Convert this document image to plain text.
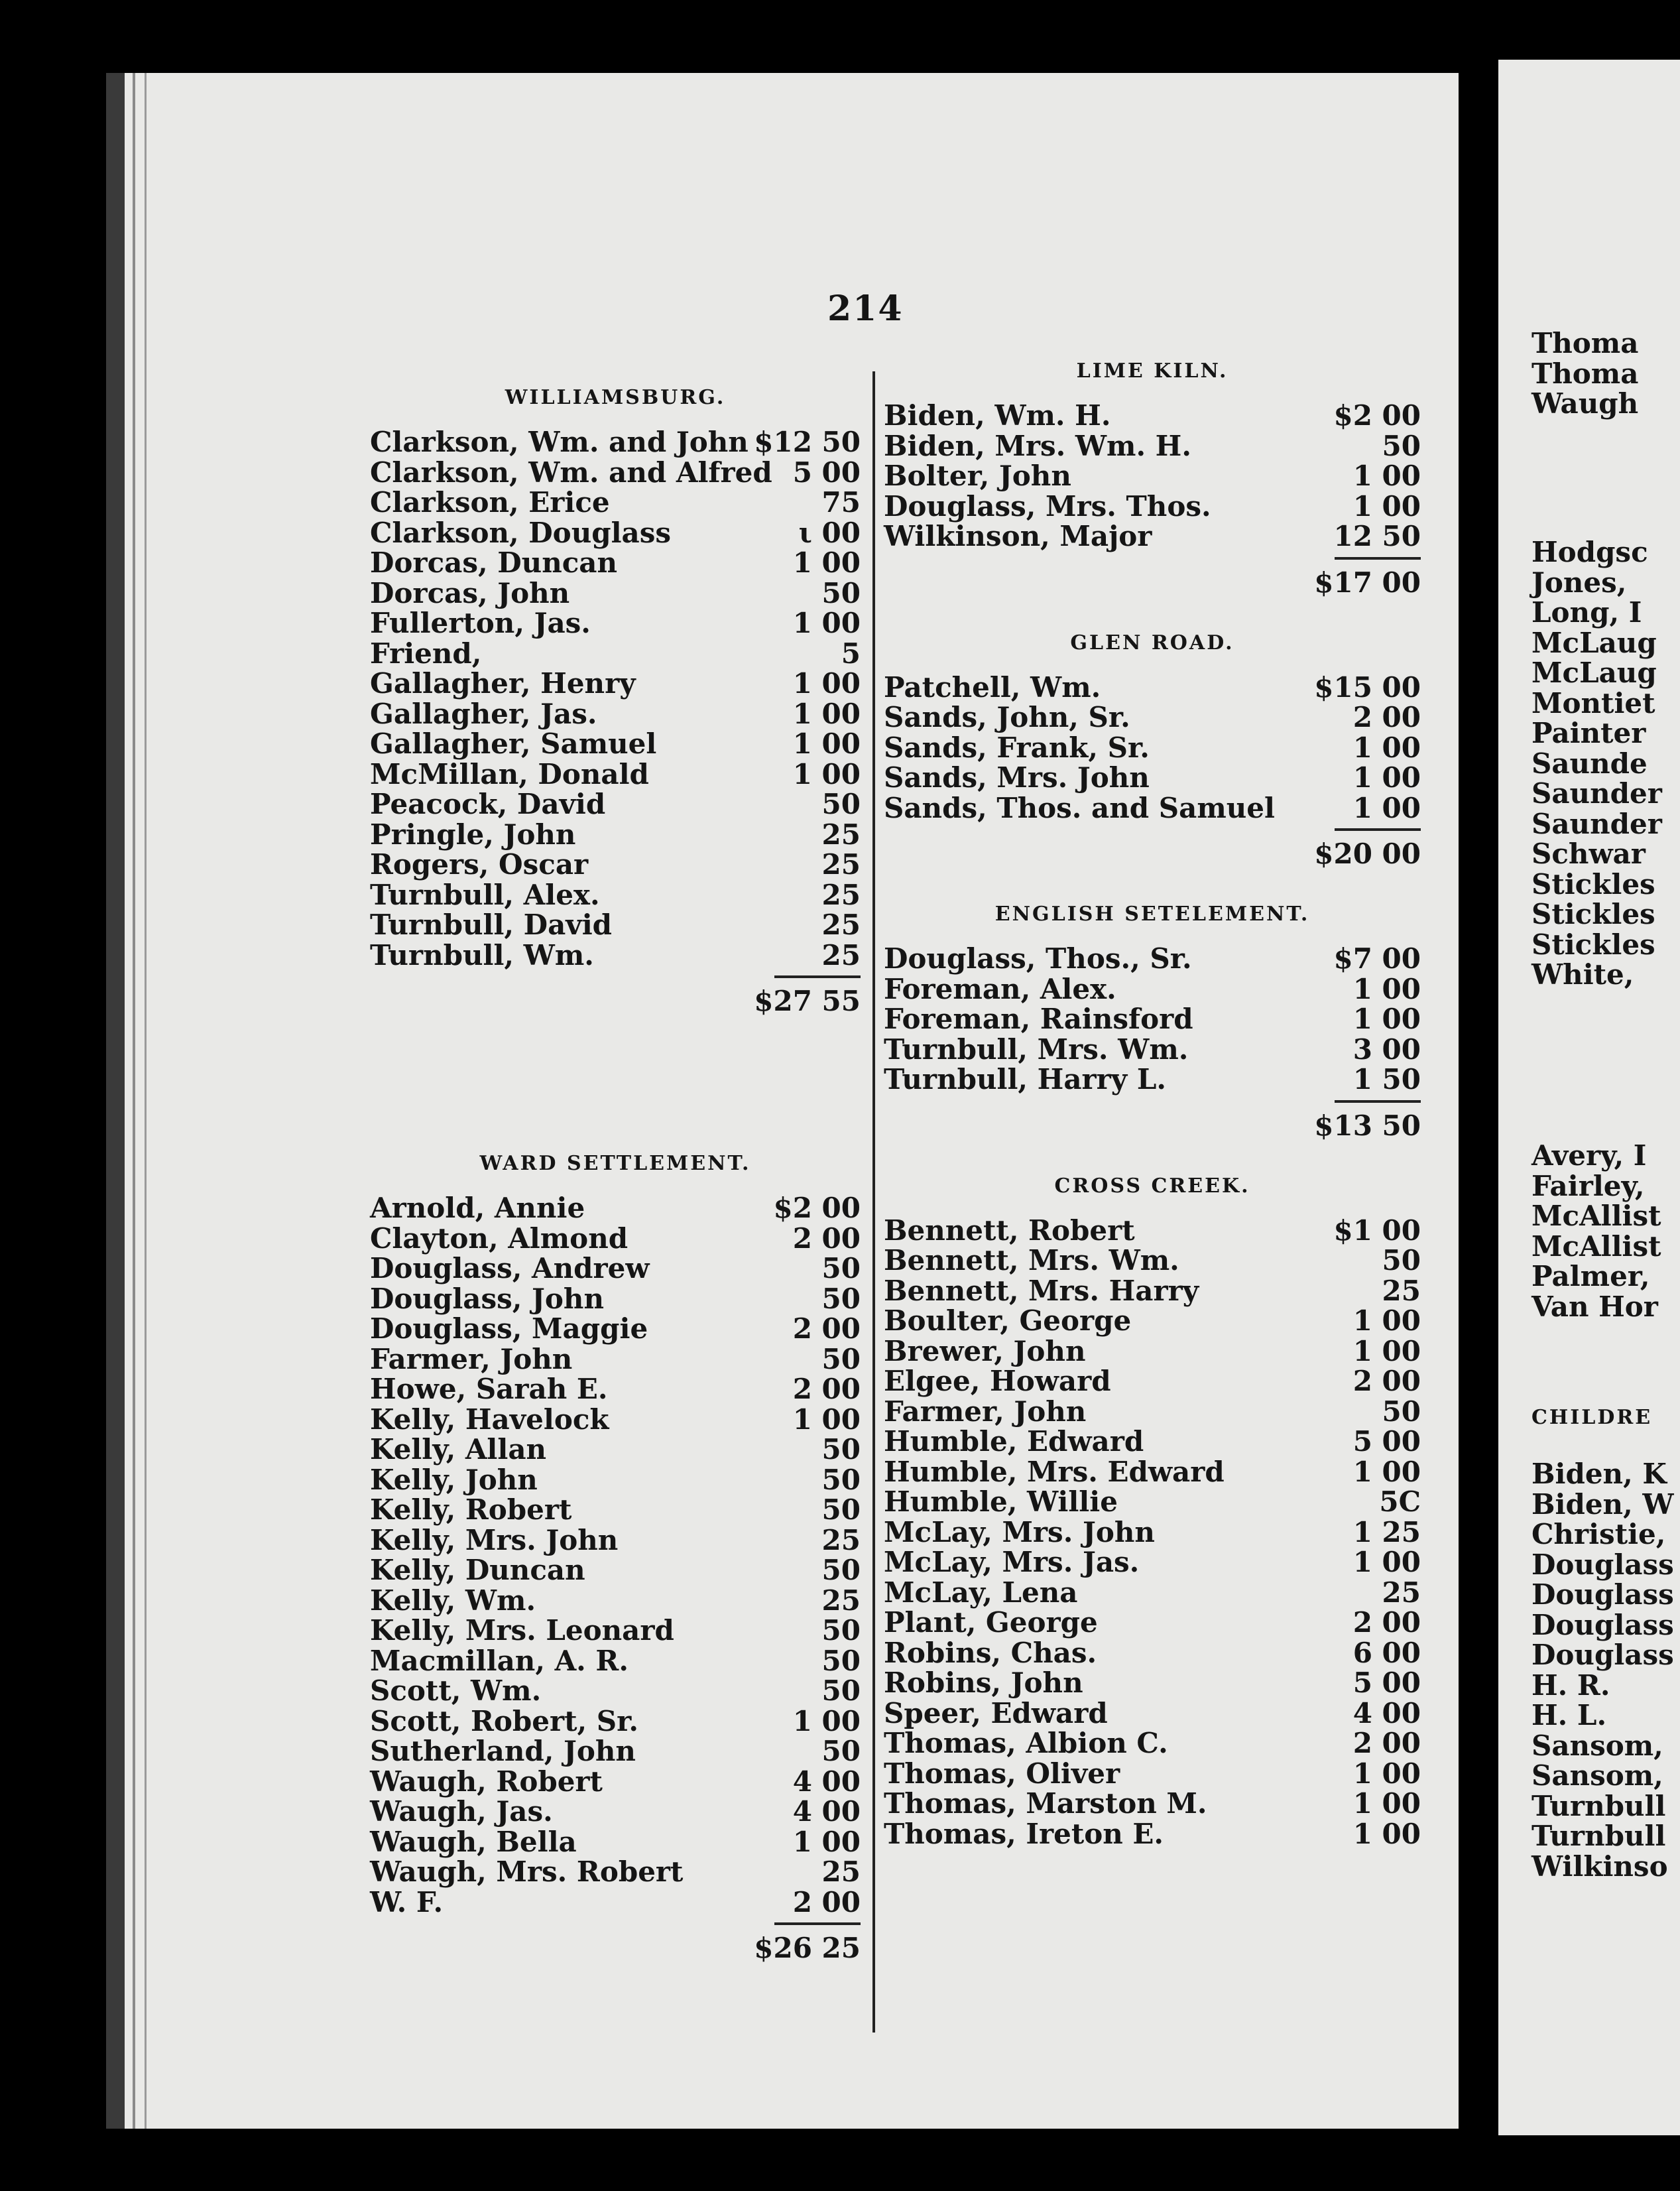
214
WILLIAMSBURG.
Clarkson, Wm. and John $12 50
Clarkson, Wm. and Alfred 5 00
Clarkson, Erice	75
Clarkson, Douglass	ι 00
Dorcas, Duncan	1 00
Dorcas, John	50
Fullerton, Jas.	1 00
Friend,	5
Gallagher, Henry	1 00
Gallagher, Jas.	1 00
Gallagher, Samuel	1 00
McMillan, Donald	1 00
Peacock, David	50
Pringle, John	25
Rogers, Oscar	25
Turnbull, Alex.	25
Turnbull, David	25
Turnbull, Wm.	25
$27 55
WARD SETTLEMENT.
Arnold, Annie	$2 00
Clayton, Almond	2 00
Douglass, Andrew	50
Douglass, John	50
Douglass, Maggie	2 00
Farmer, John	50
Howe, Sarah E.	2 00
Kelly, Havelock	1 00
Kelly, Allan	50
Kelly, John	50
Kelly, Robert	50
Kelly, Mrs. John	25
Kelly, Duncan	50
Kelly, Wm.	25
Kelly, Mrs. Leonard	50
Macmillan, A. R.	50
Scott, Wm.	50
Scott, Robert, Sr.	1 00
Sutherland, John	50
Waugh, Robert	4 00
Waugh, Jas.	4 00
Waugh, Bella	1 00
Waugh, Mrs. Robert	25
W. F.	2 00
$26 25
LIME KILN.
Biden, Wm. H.	$2 00
Biden, Mrs. Wm. H.	50
Bolter, John	1 00
Douglass, Mrs. Thos.	1 00
Wilkinson, Major	12 50
$17 00
GLEN ROAD.
Patchell, Wm.	$15 00
Sands, John, Sr.	2 00
Sands, Frank, Sr.	1 00
Sands, Mrs. John	1 00
Sands, Thos. and Samuel	1 00
$20 00
ENGLISH SETELEMENT.
Douglass, Thos., Sr.	$7 00
Foreman, Alex.	1 00
Foreman, Rainsford	1 00
Turnbull, Mrs. Wm.	3 00
Turnbull, Harry L.	1 50
$13 50
CROSS CREEK.
Bennett, Robert	$1 00
Bennett, Mrs. Wm.	50
Bennett, Mrs. Harry	25
Boulter, George	1 00
Brewer, John	1 00
Elgee, Howard	2 00
Farmer, John	50
Humble, Edward	5 00
Humble, Mrs. Edward	1 00
Humble, Willie	5C
McLay, Mrs. John	1 25
McLay, Mrs. Jas.	1 00
McLay, Lena	25
Plant, George	2 00
Robins, Chas.	6 00
Robins, John	5 00
Speer, Edward	4 00
Thomas, Albion C.	2 00
Thomas, Oliver	1 00
Thomas, Marston M.	1 00
Thomas, Ireton E.	1 00
Thoma
Thoma
Waugh
Hodgsc
Jones,
Long, I
McLaug
McLaug
Montiet
Painter
Saunde
Saunder
Saunder
Schwar
Stickles
Stickles
Stickles
White,
Avery, I
Fairley,
McAllist
McAllist
Palmer,
Van Hor
CHILDRE
Biden, K
Biden, W
Christie,
Douglass
Douglass
Douglass
Douglass
H. R.
H. L.
Sansom,
Sansom,
Turnbull
Turnbull
Wilkinso
